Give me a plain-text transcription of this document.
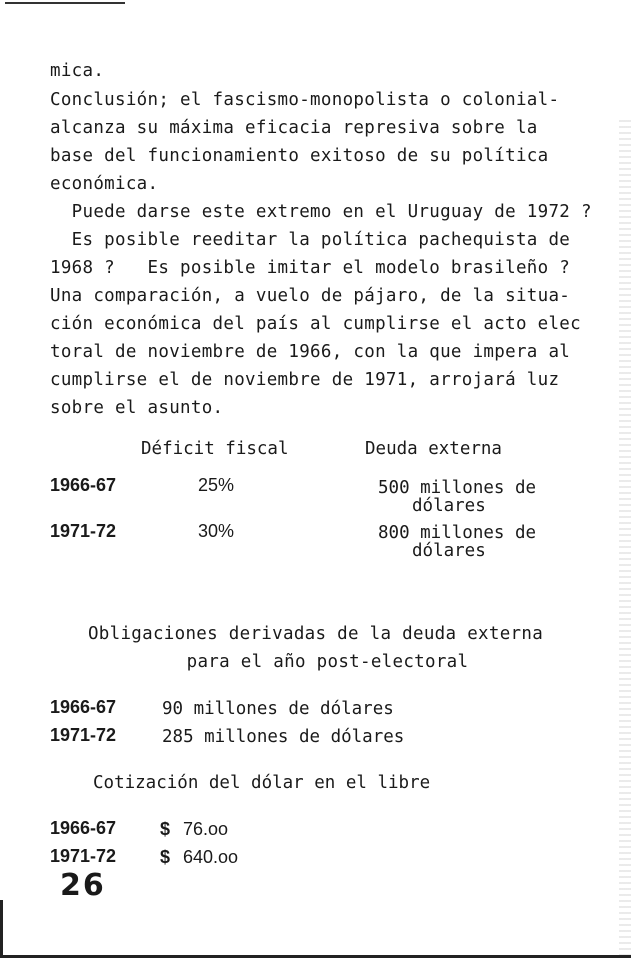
mica.
Conclusión; el fascismo-monopolista o colonial-
alcanza su máxima eficacia represiva sobre la
base del funcionamiento exitoso de su política
económica.
Puede darse este extremo en el Uruguay de 1972 ?
Es posible reeditar la política pachequista de
1968 ?   Es posible imitar el modelo brasileño ?
Una comparación, a vuelo de pájaro, de la situa-
ción económica del país al cumplirse el acto elec
toral de noviembre de 1966, con la que impera al
cumplirse el de noviembre de 1971, arrojará luz
sobre el asunto.
Déficit fiscal	Deuda externa
1966-67	25%	500 millones de
dólares
1971-72	30%	800 millones de
dólares
Obligaciones derivadas de la deuda externa
para el año post-electoral
1966-67	90 millones de dólares
1971-72	285 millones de dólares
Cotización del dólar en el libre
1966-67 $ 76.oo
1971-72 $ 640.oo
26
